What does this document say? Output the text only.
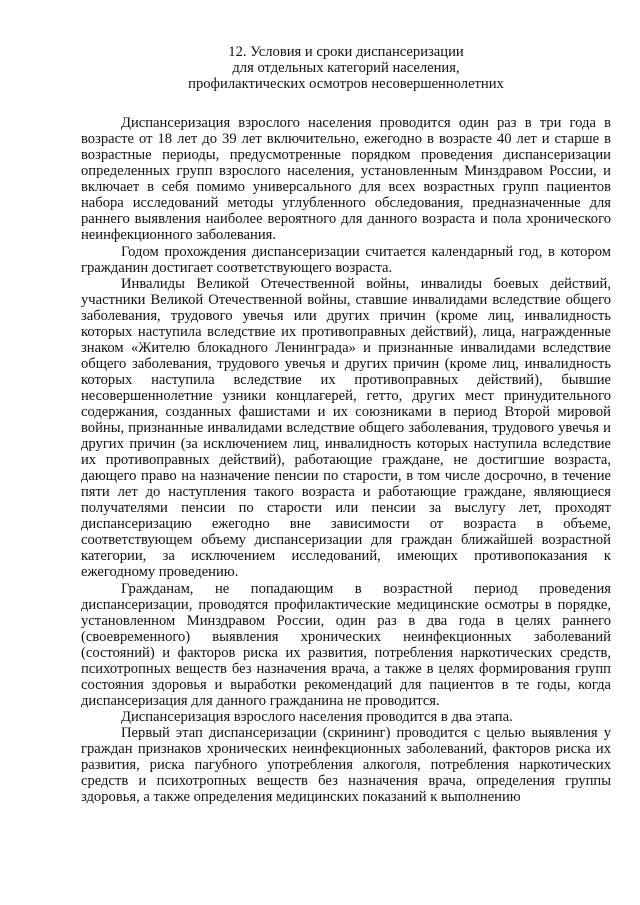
12. Условия и сроки диспансеризации
для отдельных категорий населения,
профилактических осмотров несовершеннолетних

Диспансеризация взрослого населения проводится один раз в три года в возрасте от 18 лет до 39 лет включительно, ежегодно в возрасте 40 лет и старше в возрастные периоды, предусмотренные порядком проведения диспансеризации определенных групп взрослого населения, установленным Минздравом России, и включает в себя помимо универсального для всех возрастных групп пациентов набора исследований методы углубленного обследования, предназначенные для раннего выявления наиболее вероятного для данного возраста и пола хронического неинфекционного заболевания.

Годом прохождения диспансеризации считается календарный год, в котором гражданин достигает соответствующего возраста.

Инвалиды Великой Отечественной войны, инвалиды боевых действий, участники Великой Отечественной войны, ставшие инвалидами вследствие общего заболевания, трудового увечья или других причин (кроме лиц, инвалидность которых наступила вследствие их противоправных действий), лица, награжденные знаком «Жителю блокадного Ленинграда» и признанные инвалидами вследствие общего заболевания, трудового увечья и других причин (кроме лиц, инвалидность которых наступила вследствие их противоправных действий), бывшие несовершеннолетние узники концлагерей, гетто, других мест принудительного содержания, созданных фашистами и их союзниками в период Второй мировой войны, признанные инвалидами вследствие общего заболевания, трудового увечья и других причин (за исключением лиц, инвалидность которых наступила вследствие их противоправных действий), работающие граждане, не достигшие возраста, дающего право на назначение пенсии по старости, в том числе досрочно, в течение пяти лет до наступления такого возраста и работающие граждане, являющиеся получателями пенсии по старости или пенсии за выслугу лет, проходят диспансеризацию ежегодно вне зависимости от возраста в объеме, соответствующем объему диспансеризации для граждан ближайшей возрастной категории, за исключением исследований, имеющих противопоказания к ежегодному проведению.

Гражданам, не попадающим в возрастной период проведения диспансеризации, проводятся профилактические медицинские осмотры в порядке, установленном Минздравом России, один раз в два года в целях раннего (своевременного) выявления хронических неинфекционных заболеваний (состояний) и факторов риска их развития, потребления наркотических средств, психотропных веществ без назначения врача, а также в целях формирования групп состояния здоровья и выработки рекомендаций для пациентов в те годы, когда диспансеризация для данного гражданина не проводится.

Диспансеризация взрослого населения проводится в два этапа.

Первый этап диспансеризации (скрининг) проводится с целью выявления у граждан признаков хронических неинфекционных заболеваний, факторов риска их развития, риска пагубного употребления алкоголя, потребления наркотических средств и психотропных веществ без назначения врача, определения группы здоровья, а также определения медицинских показаний к выполнению
